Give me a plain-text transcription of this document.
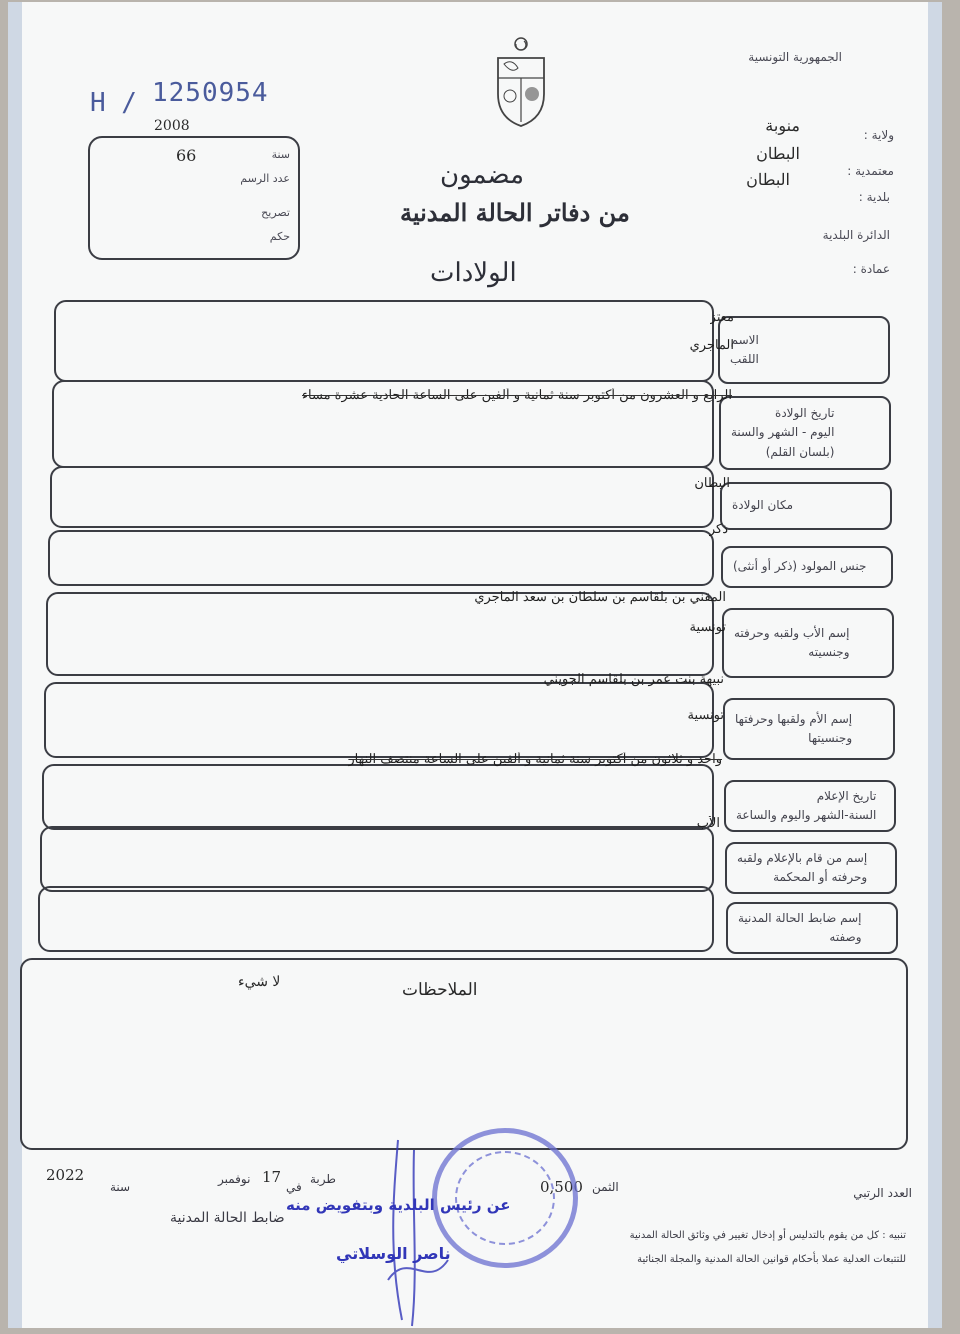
H / 1250954
2008
66	سنة
عدد الرسم
تصريح
حكم
الجمهورية التونسية
ولاية :
منوبة
معتمدية :
البطان
بلدية :
البطان
الدائرة البلدية
عمادة :
مضمون
من دفاتر الحالة المدنية
الولادات
الاسم
اللقب
معتز
الماجري
تاريخ الولادة
اليوم - الشهر والسنة
(بلسان القلم)
الرابع و العشرون من أكتوبر سنة ثمانية و ألفين على الساعة الحادية عشرة مساء
مكان الولادة
البطان
جنس المولود (ذكر أو أنثى)
ذكر
إسم الأب ولقبه وحرفته
وجنسيته
المقني بن بلقاسم بن سلطان بن سعد الماجري
تونسية
إسم الأم ولقبها وحرفتها
وجنسيتها
نبيهة بنت عمر بن بلقاسم الجويني
تونسية
تاريخ الإعلام
السنة-الشهر واليوم والساعة
واحد و ثلاثون من أكتوبر سنة ثمانية و ألفين على الساعة منتصف النهار
إسم من قام بالإعلام ولقبه
وحرفته أو المحكمة
الأب
إسم ضابط الحالة المدنية
وصفته
الملاحظات
لا شيء
العدد الرتبي
الثمن
0,500
طربة
في
17
نوفمبر
سنة
2022
ضابط الحالة المدنية
تنبيه : كل من يقوم بالتدليس أو إدخال تغيير في وثائق الحالة المدنية
للتتبعات العدلية عملا بأحكام قوانين الحالة المدنية والمجلة الجنائية
عن رئيس البلدية وبتفويض منه
ناصر الوسلاتي
